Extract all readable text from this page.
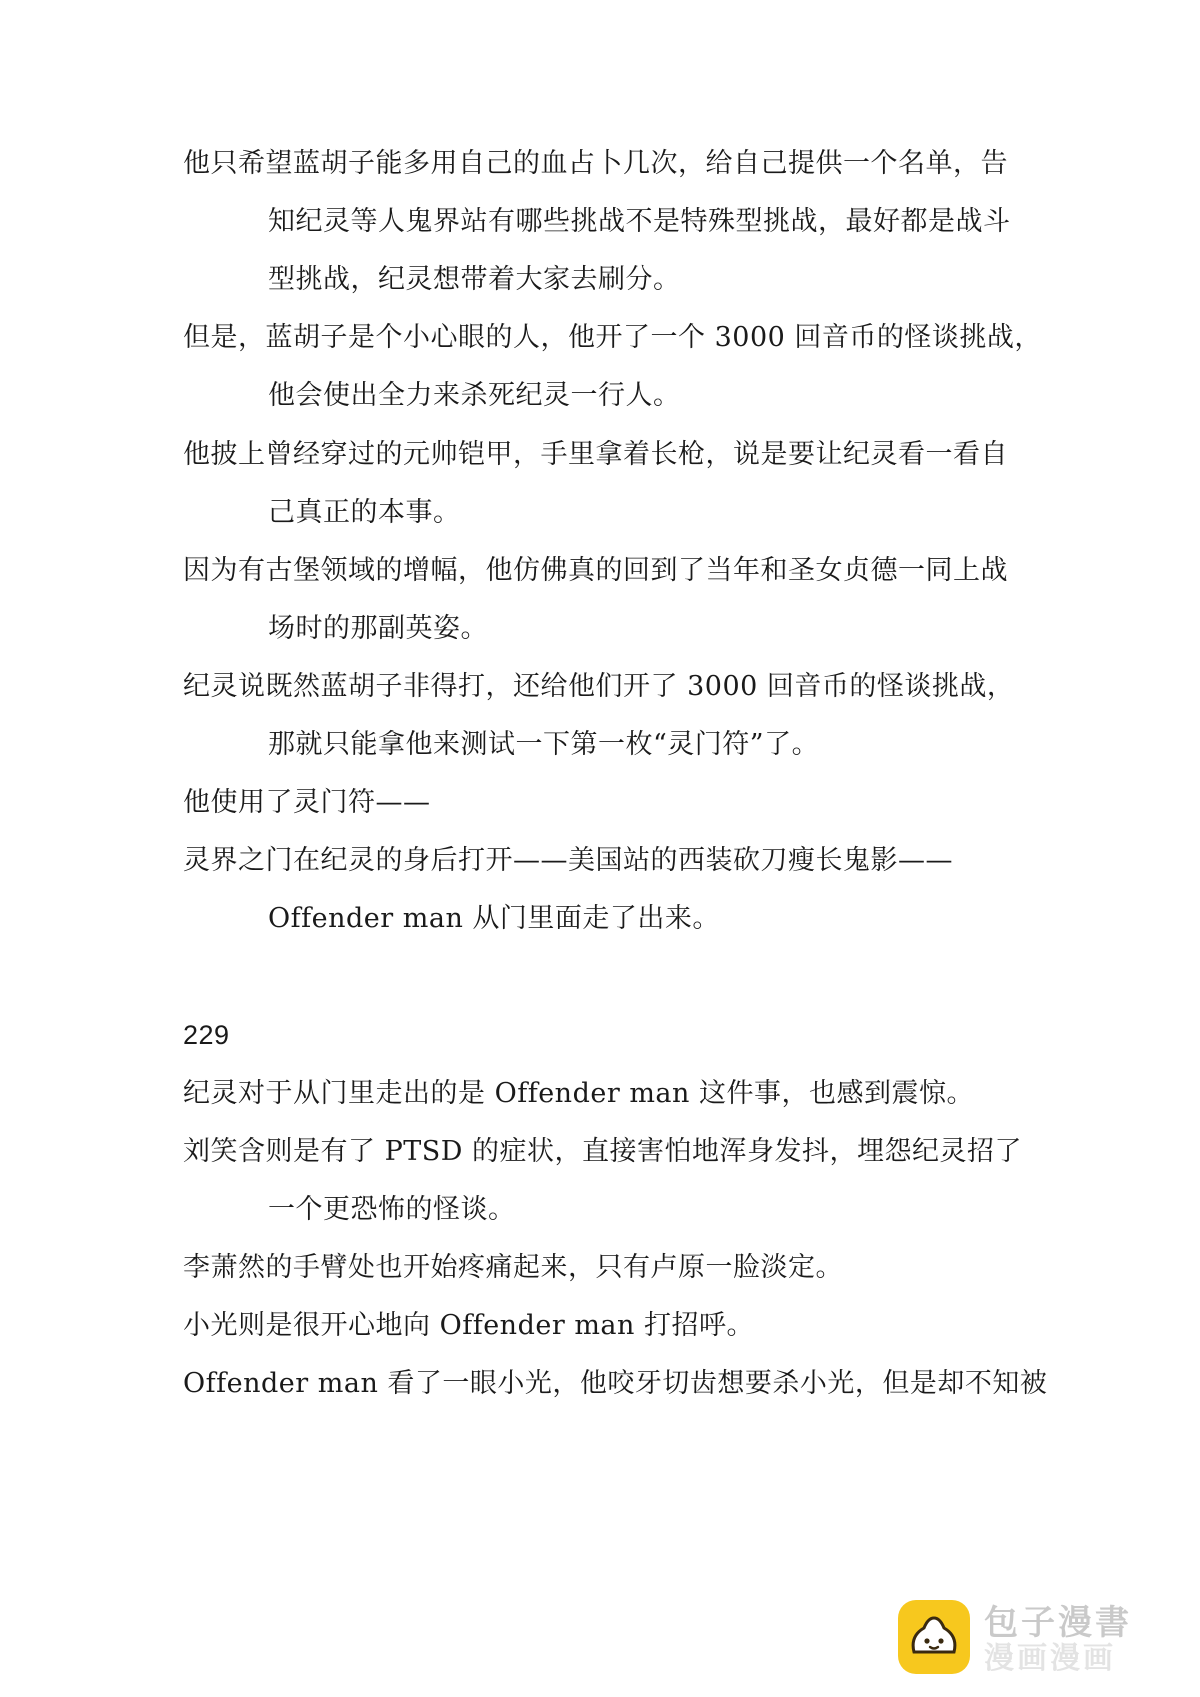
他只希望蓝胡子能多用自己的血占卜几次，给自己提供一个名单，告
知纪灵等人鬼界站有哪些挑战不是特殊型挑战，最好都是战斗
型挑战，纪灵想带着大家去刷分。
但是，蓝胡子是个小心眼的人，他开了一个 3000 回音币的怪谈挑战，
他会使出全力来杀死纪灵一行人。
他披上曾经穿过的元帅铠甲，手里拿着长枪，说是要让纪灵看一看自
己真正的本事。
因为有古堡领域的增幅，他仿佛真的回到了当年和圣女贞德一同上战
场时的那副英姿。
纪灵说既然蓝胡子非得打，还给他们开了 3000 回音币的怪谈挑战，
那就只能拿他来测试一下第一枚“灵门符”了。
他使用了灵门符——
灵界之门在纪灵的身后打开——美国站的西装砍刀瘦长鬼影——
Offender man 从门里面走了出来。
229
纪灵对于从门里走出的是 Offender man 这件事，也感到震惊。
刘笑含则是有了 PTSD 的症状，直接害怕地浑身发抖，埋怨纪灵招了
一个更恐怖的怪谈。
李萧然的手臂处也开始疼痛起来，只有卢原一脸淡定。
小光则是很开心地向 Offender man 打招呼。
Offender man 看了一眼小光，他咬牙切齿想要杀小光，但是却不知被
包子漫書
漫画漫画
